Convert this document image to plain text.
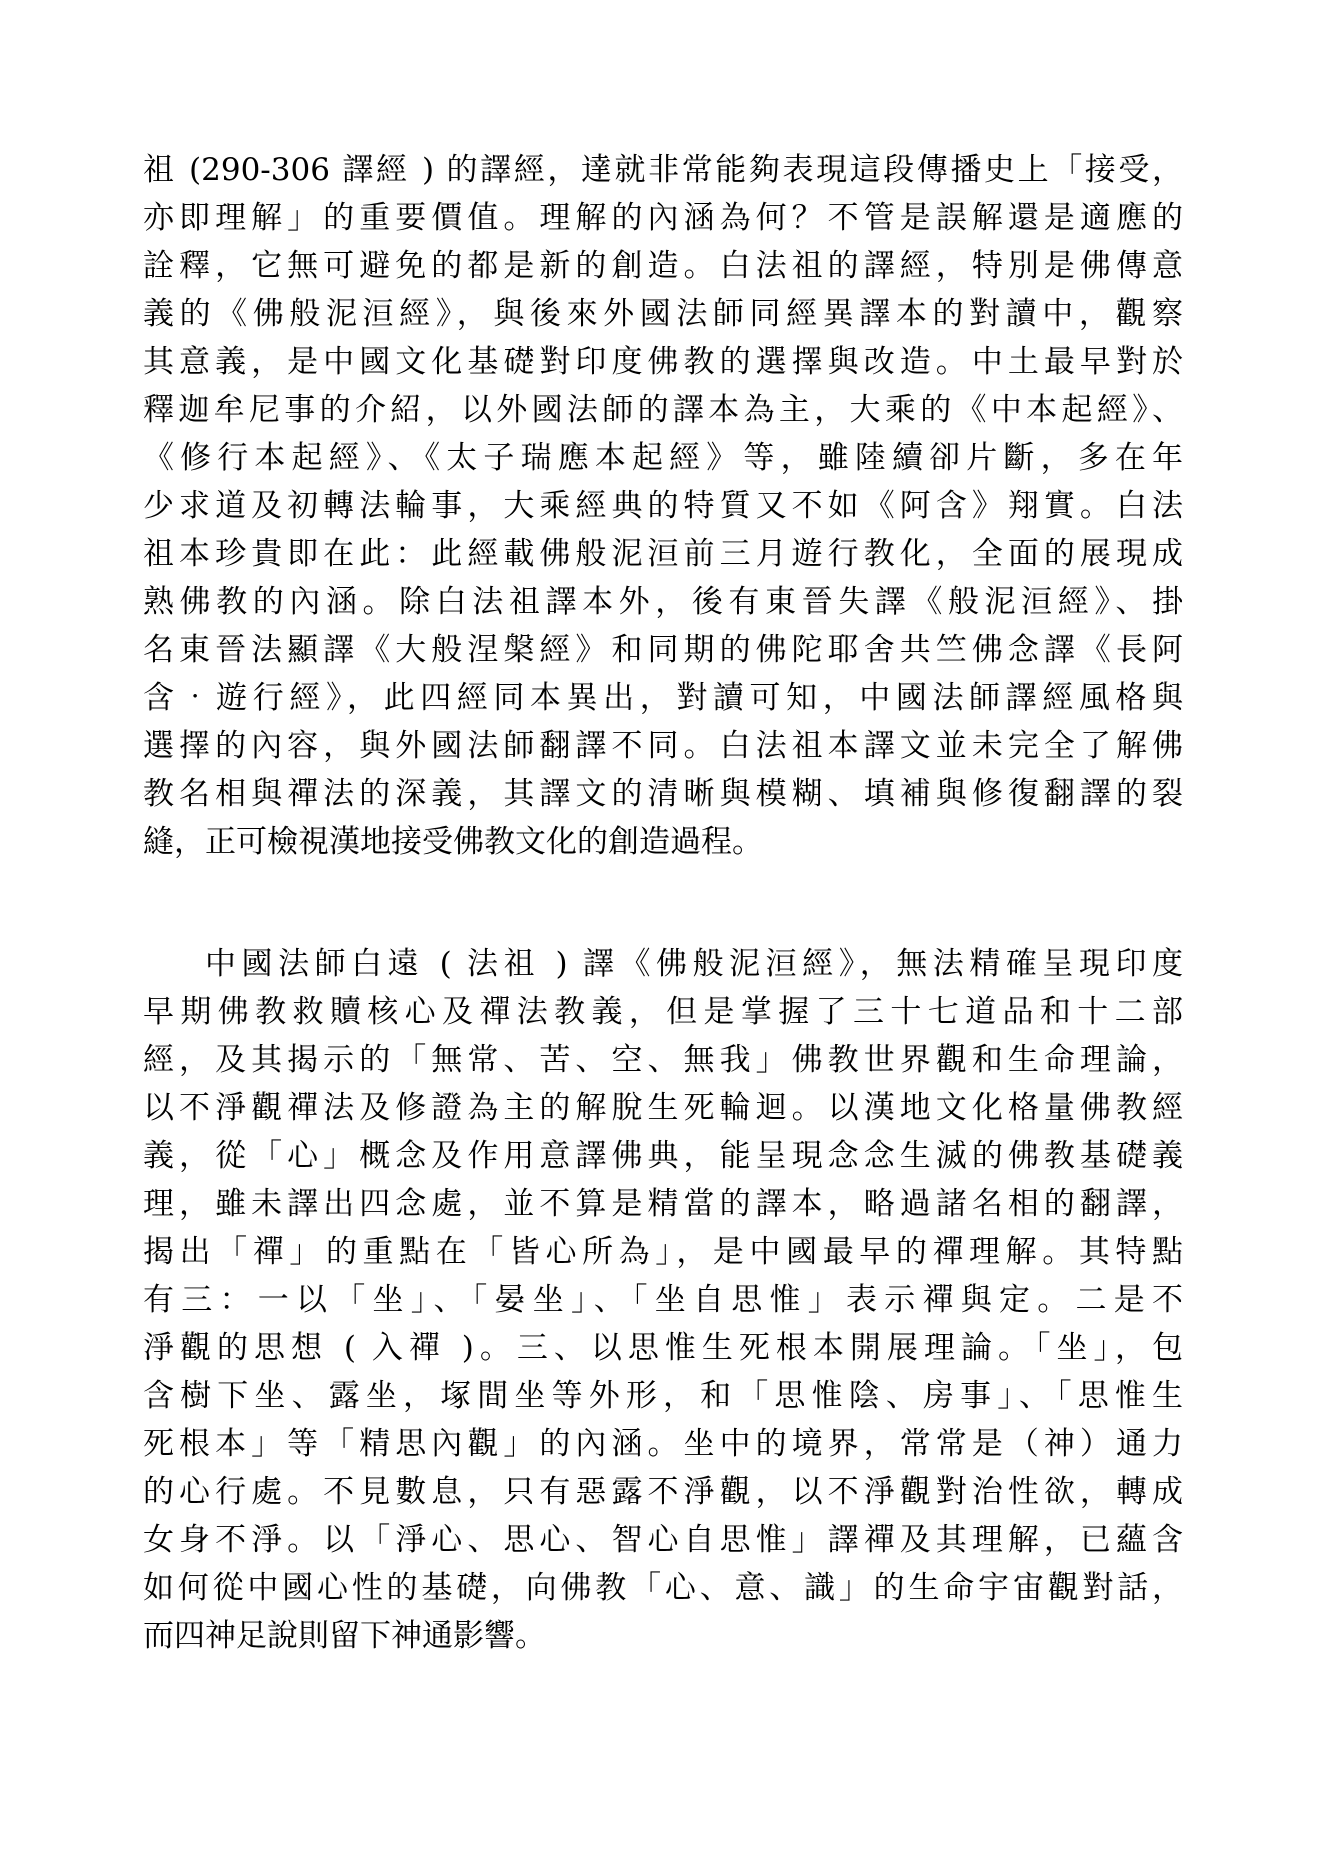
祖 (290-306 譯經 ) 的譯經，達就非常能夠表現這段傳播史上「接受，
亦即理解」的重要價值。理解的內涵為何？不管是誤解還是適應的
詮釋，它無可避免的都是新的創造。白法祖的譯經，特別是佛傳意
義的《佛般泥洹經》，與後來外國法師同經異譯本的對讀中，觀察
其意義，是中國文化基礎對印度佛教的選擇與改造。中土最早對於
釋迦牟尼事的介紹，以外國法師的譯本為主，大乘的《中本起經》、
《修行本起經》、《太子瑞應本起經》等，雖陸續卻片斷，多在年
少求道及初轉法輪事，大乘經典的特質又不如《阿含》翔實。白法
祖本珍貴即在此：此經載佛般泥洹前三月遊行教化，全面的展現成
熟佛教的內涵。除白法祖譯本外，後有東晉失譯《般泥洹經》、掛
名東晉法顯譯《大般涅槃經》和同期的佛陀耶舍共竺佛念譯《長阿
含‧遊行經》，此四經同本異出，對讀可知，中國法師譯經風格與
選擇的內容，與外國法師翻譯不同。白法祖本譯文並未完全了解佛
教名相與禪法的深義，其譯文的清晰與模糊、填補與修復翻譯的裂
縫，正可檢視漢地接受佛教文化的創造過程。
中國法師白遠 ( 法祖 ) 譯《佛般泥洹經》，無法精確呈現印度
早期佛教救贖核心及禪法教義，但是掌握了三十七道品和十二部
經，及其揭示的「無常、苦、空、無我」佛教世界觀和生命理論，
以不淨觀禪法及修證為主的解脫生死輪迴。以漢地文化格量佛教經
義，從「心」概念及作用意譯佛典，能呈現念念生滅的佛教基礎義
理，雖未譯出四念處，並不算是精當的譯本，略過諸名相的翻譯，
揭出「禪」的重點在「皆心所為」，是中國最早的禪理解。其特點
有三：一以「坐」、「晏坐」、「坐自思惟」表示禪與定。二是不
淨觀的思想 ( 入禪 )。三、以思惟生死根本開展理論。「坐」，包
含樹下坐、露坐，塚間坐等外形，和「思惟陰、房事」、「思惟生
死根本」等「精思內觀」的內涵。坐中的境界，常常是（神）通力
的心行處。不見數息，只有惡露不淨觀，以不淨觀對治性欲，轉成
女身不淨。以「淨心、思心、智心自思惟」譯禪及其理解，已蘊含
如何從中國心性的基礎，向佛教「心、意、識」的生命宇宙觀對話，
而四神足說則留下神通影響。
